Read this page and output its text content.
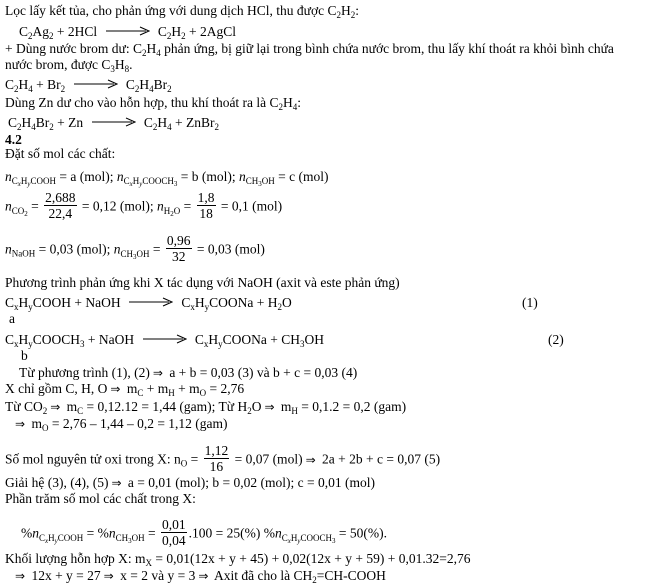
Lọc lấy kết tủa, cho phản ứng với dung dịch HCl, thu được $C_2H_2$:
$C_2Ag_2 + 2HCl \to C_2H_2$ + 2AgCl
+ Dùng nước brom dư: $C_2H_4$ phản ứng, bị giữ lại trong bình chứa nước brom, thu lấy khí thoát ra khỏi bình chứa
nước brom, được $C_3H_8$.
$C_2H_4 + Br_2 \to C_2H_4Br_2$
Dùng Zn dư cho vào hỗn hợp, thu khí thoát ra là $C_2H_4$:
$C_2H_4Br_2 + Zn \to C_2H_4$ + ZnBr$_2$
4.2
Đặt số mol các chất:
$n_{C_xH_yCOOH} = a$ (mol); $n_{C_xH_yCOOCH_3} = b$ (mol); $n_{CH_3OH} = c$ (mol)
$n_{CO_2} = \frac{2,688}{22,4} = 0,12$ (mol); $n_{H_2O} = \frac{1,8}{18} = 0,1$ (mol)
$n_{NaOH} = 0,03$ (mol); $n_{CH_3OH} = \frac{0,96}{32} = 0,03$ (mol)
Phương trình phản ứng khi X tác dụng với NaOH (axit và este phản ứng)
$C_xH_yCOOH$ + NaOH → $C_xH_yCOONa + H_2O$	(1)
a
$C_xH_yCOOCH_3$ + NaOH → $C_xH_yCOONa + CH_3OH$	(2)
b
Từ phương trình (1), (2) ⇒ a + b = 0,03 (3) và b + c = 0,03 (4)
X chỉ gồm C, H, O ⇒ $m_C + m_H + m_O = 2,76$
Từ $CO_2$ ⇒ $m_C = 0,12.12 = 1,44$ (gam); Từ $H_2O$ ⇒ $m_H = 0,1.2 = 0,2$ (gam)
⇒ $m_O = 2,76 - 1,44 - 0,2 = 1,12$ (gam)
Số mol nguyên tử oxi trong X: $n_O = \frac{1,12}{16} = 0,07$ (mol) ⇒ 2a + 2b + c = 0,07 (5)
Giải hệ (3), (4), (5) ⇒ a = 0,01 (mol); b = 0,02 (mol); c = 0,01 (mol)
Phần trăm số mol các chất trong X:
$\%n_{C_xH_yCOOH} = \%n_{CH_3OH} = \frac{0,01}{0,04} .100 = 25(\%) \%n_{C_xH_yCOOCH_3} = 50(\%)$.
Khối lượng hỗn hợp X: $m_X = 0,01(12x + y + 45) + 0,02(12x + y + 59) + 0,01.32=2,76$
⇒ 12x + y = 27 ⇒ x = 2 và y = 3 ⇒ Axit đã cho là $CH_2=CH$-COOH
